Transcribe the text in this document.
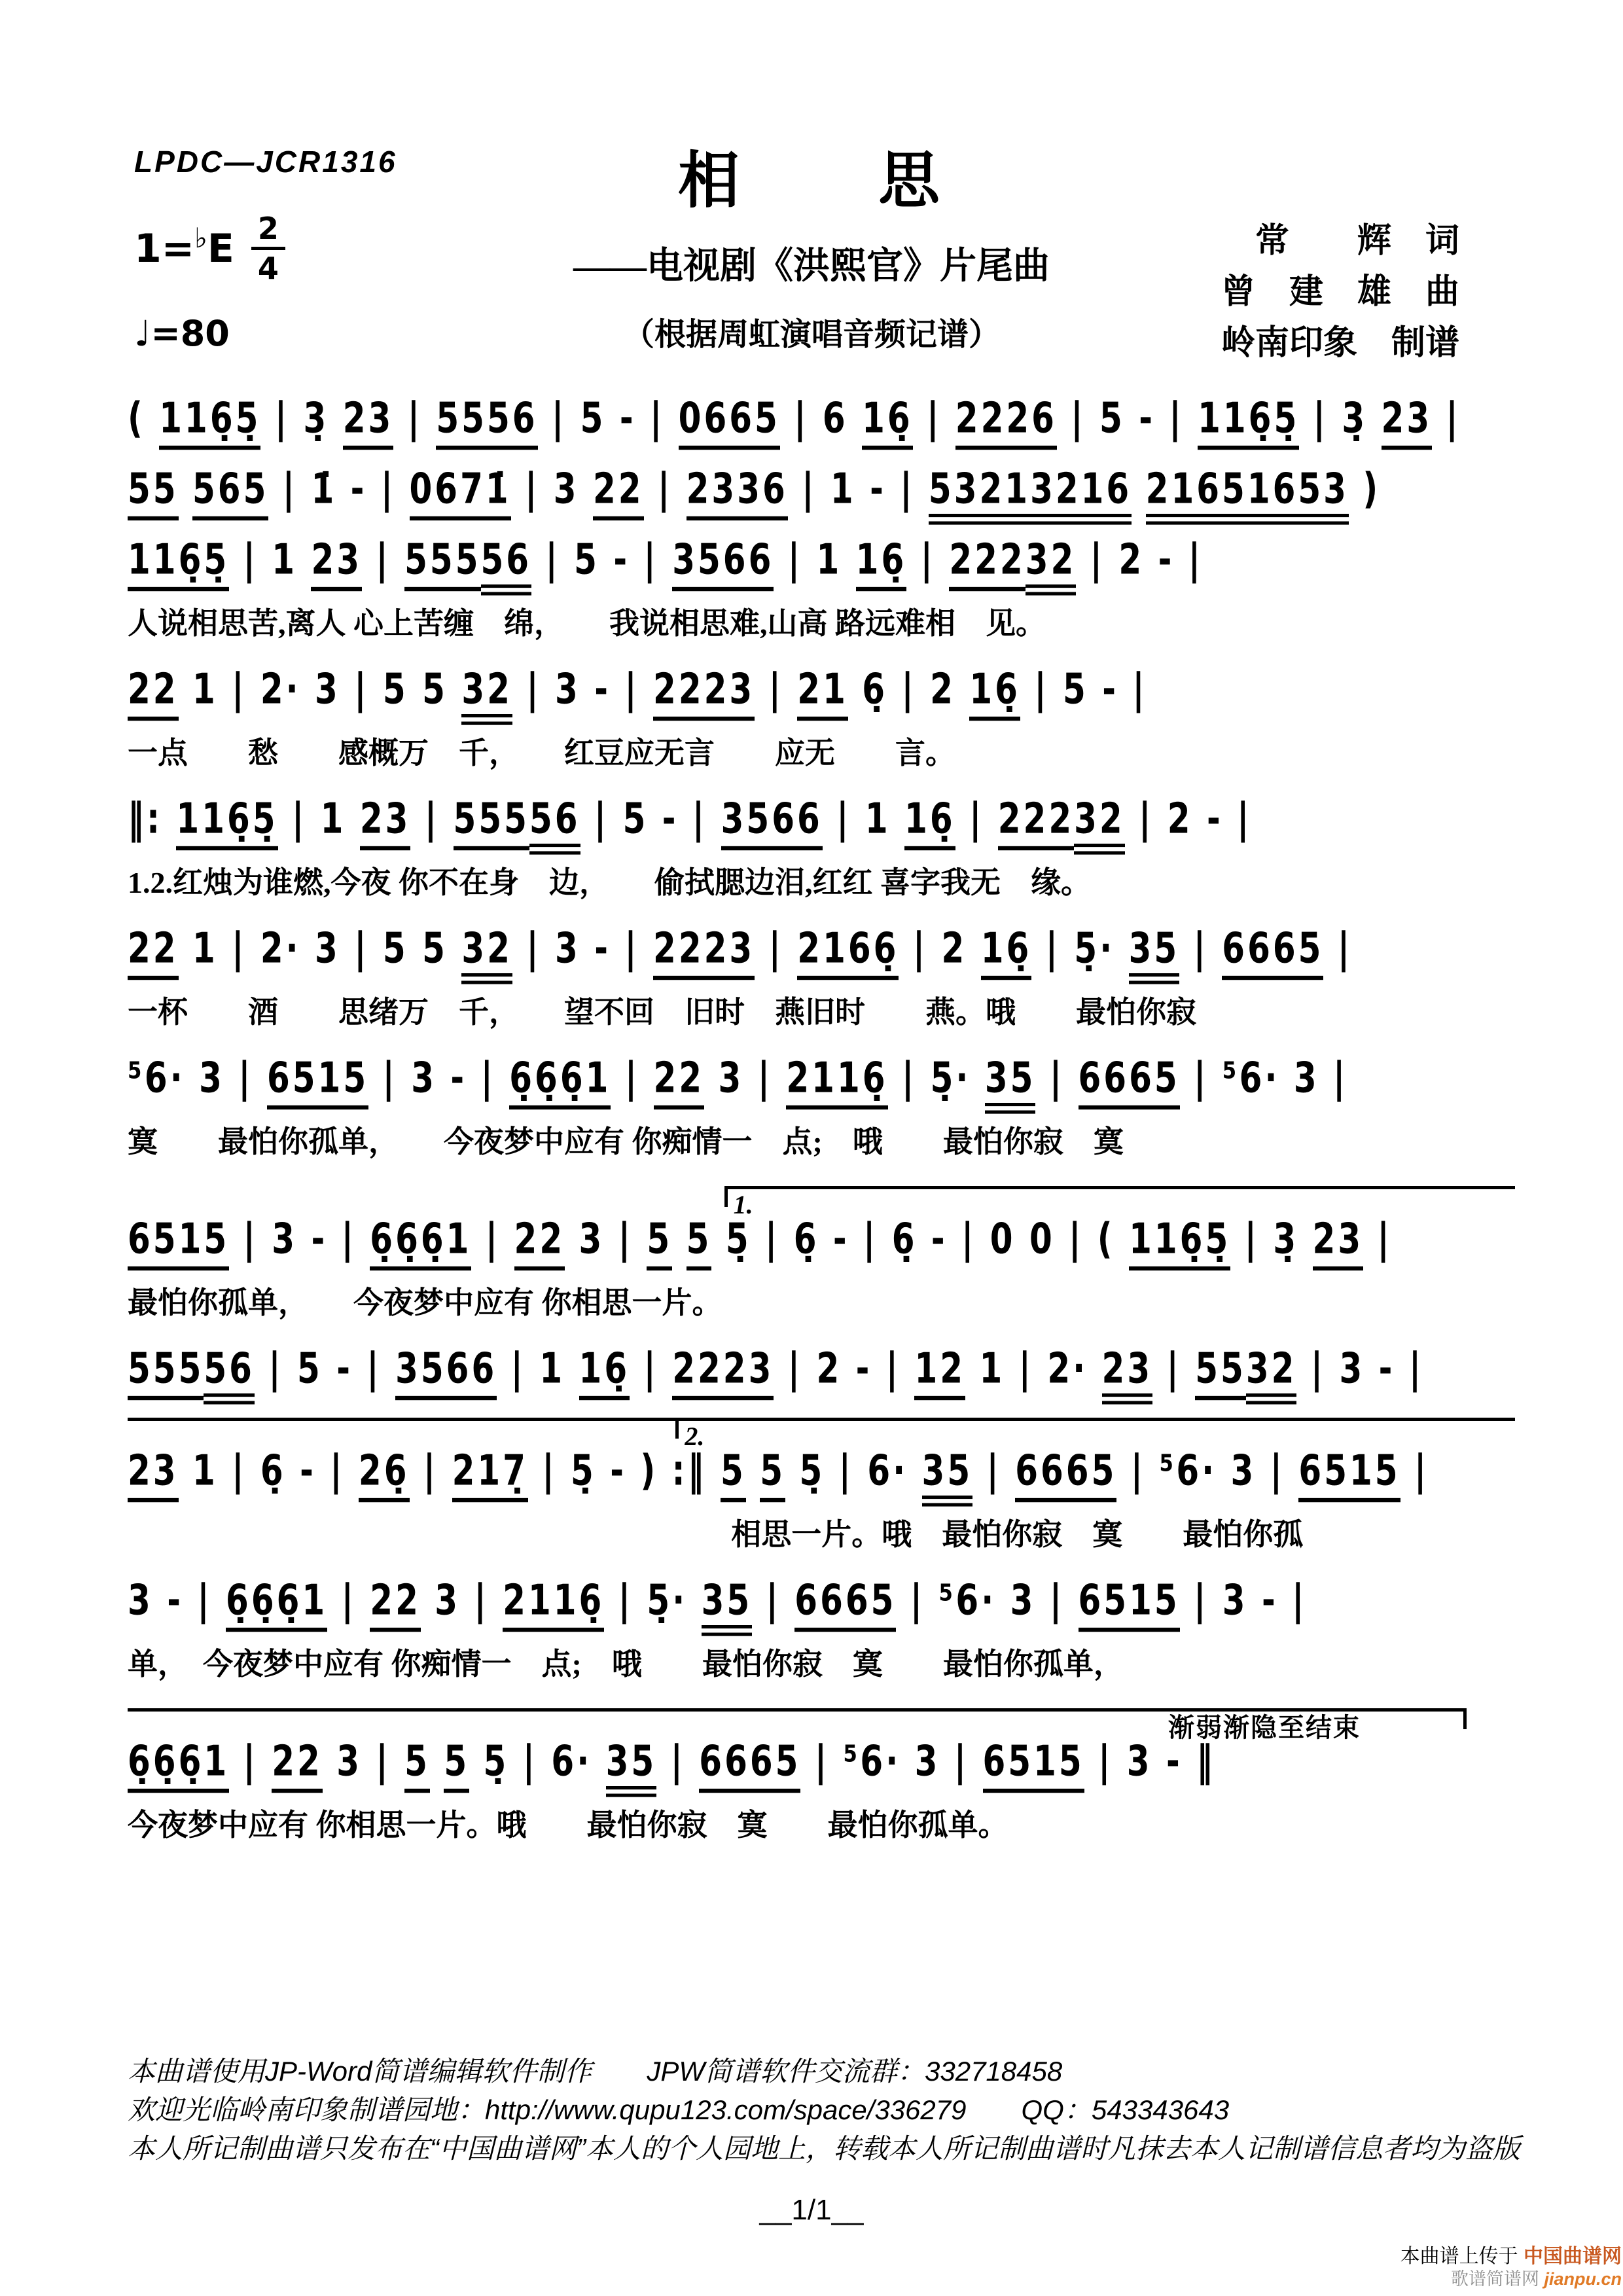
LPDC—JCR1316	相　　思
——电视剧《洪熙官》片尾曲
（根据周虹演唱音频记谱）
1= ♭ E $\frac{2}{4}$
♩=80
常　　辉　词
曾　建　雄　曲
岭南印象　制谱
( 116̣5̣ | 3̣ 23 | 5556 | 5 - | 0665 | 6 16̣ | 2226 | 5 - | 116̣5̣ | 3̣ 23 |
55 565 | 1̇ - | 0671̇ | 3 22 | 2336 | 1 - | 53213216 21651653 )
116̣5̣ | 1 23 | 55556 | 5 - | 3566 | 1 16̣ | 22232 | 2 - |
人说相思苦,离人 心上苦缠　绵，　　我说相思难,山高 路远难相　见。
22 1 | 2· 3 | 5 5 32 | 3 - | 2223 | 21 6̣ | 2 16̣ | 5 - |
一点　　愁　　感概万　千，　　红豆应无言　　应无　　言。
‖: 116̣5̣ | 1 23 | 55556 | 5 - | 3566 | 1 16̣ | 22232 | 2 - |
1.2.红烛为谁燃,今夜 你不在身　边，　　偷拭腮边泪,红红 喜字我无　缘。
22 1 | 2· 3 | 5 5 32 | 3 - | 2223 | 2166̣ | 2 16̣ | 5̣· 35 | 6665 |
一杯　　酒　　思绪万　千，　　望不回　旧时　燕旧时　　燕。哦　　最怕你寂
⁵6· 3 | 6515 | 3 - | 6̣6̣6̣1 | 22 3 | 2116̣ | 5̣· 35 | 6665 | ⁵6· 3 |
寞　　最怕你孤单，　　今夜梦中应有 你痴情一　点;　哦　　最怕你寂　寞
1.
6515 | 3 - | 6̣6̣6̣1 | 22 3 | 5 5 5̣ | 6̣ - | 6̣ - | 0 0 | ( 116̣5̣ | 3̣ 23 |
最怕你孤单，　　今夜梦中应有 你相思一片。
55556 | 5 - | 3566 | 1 16̣ | 2223 | 2 - | 12 1 | 2· 23 | 5532 | 3 - |
2.
23 1 | 6̣ - | 26̣ | 217̣ | 5̣ - ) :‖ 5 5 5̣ | 6· 35 | 6665 | ⁵6· 3 | 6515 |
相思一片。哦　最怕你寂　寞　　最怕你孤
3 - | 6̣6̣6̣1 | 22 3 | 2116̣ | 5̣· 35 | 6665 | ⁵6· 3 | 6515 | 3 - |
单，　今夜梦中应有 你痴情一　点;　哦　　最怕你寂　寞　　最怕你孤单，
渐弱渐隐至结束
6̣6̣6̣1 | 22 3 | 5 5 5̣ | 6· 35 | 6665 | ⁵6· 3 | 6515 | 3 - ‖
今夜梦中应有 你相思一片。哦　　最怕你寂　寞　　最怕你孤单。
本曲谱使用JP-Word简谱编辑软件制作　　JPW简谱软件交流群：332718458
欢迎光临岭南印象制谱园地：http://www.qupu123.com/space/336279　　QQ：543343643
本人所记制曲谱只发布在“中国曲谱网”本人的个人园地上，转载本人所记制曲谱时凡抹去本人记制谱信息者均为盗版
__1/1__
本曲谱上传于 中国曲谱网
歌谱简谱网 jianpu.cn
